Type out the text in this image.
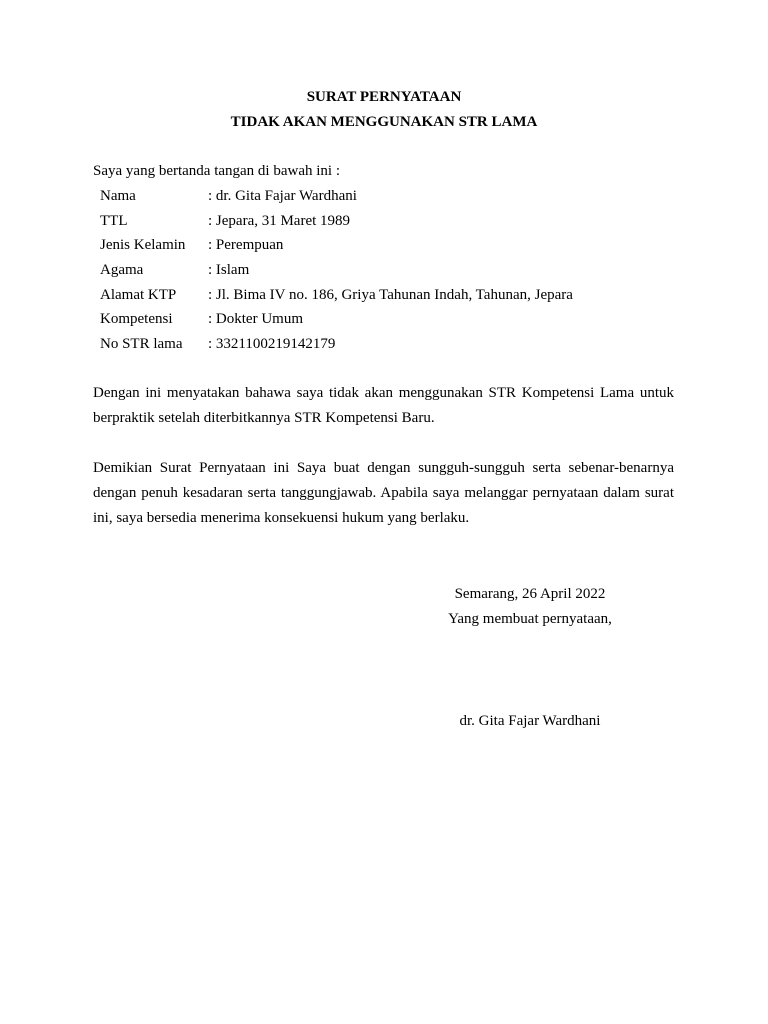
SURAT PERNYATAAN
TIDAK AKAN MENGGUNAKAN STR LAMA
Saya yang bertanda tangan di bawah ini :
Nama	: dr. Gita Fajar Wardhani
TTL	: Jepara, 31 Maret 1989
Jenis Kelamin : Perempuan
Agama	: Islam
Alamat KTP : Jl. Bima IV no. 186, Griya Tahunan Indah, Tahunan, Jepara
Kompetensi : Dokter Umum
No STR lama : 3321100219142179
Dengan ini menyatakan bahawa saya tidak akan menggunakan STR Kompetensi Lama untuk berpraktik setelah diterbitkannya STR Kompetensi Baru.
Demikian Surat Pernyataan ini Saya buat dengan sungguh-sungguh serta sebenar-benarnya dengan penuh kesadaran serta tanggungjawab. Apabila saya melanggar pernyataan dalam surat ini, saya bersedia menerima konsekuensi hukum yang berlaku.
Semarang, 26 April 2022
Yang membuat pernyataan,
dr. Gita Fajar Wardhani
